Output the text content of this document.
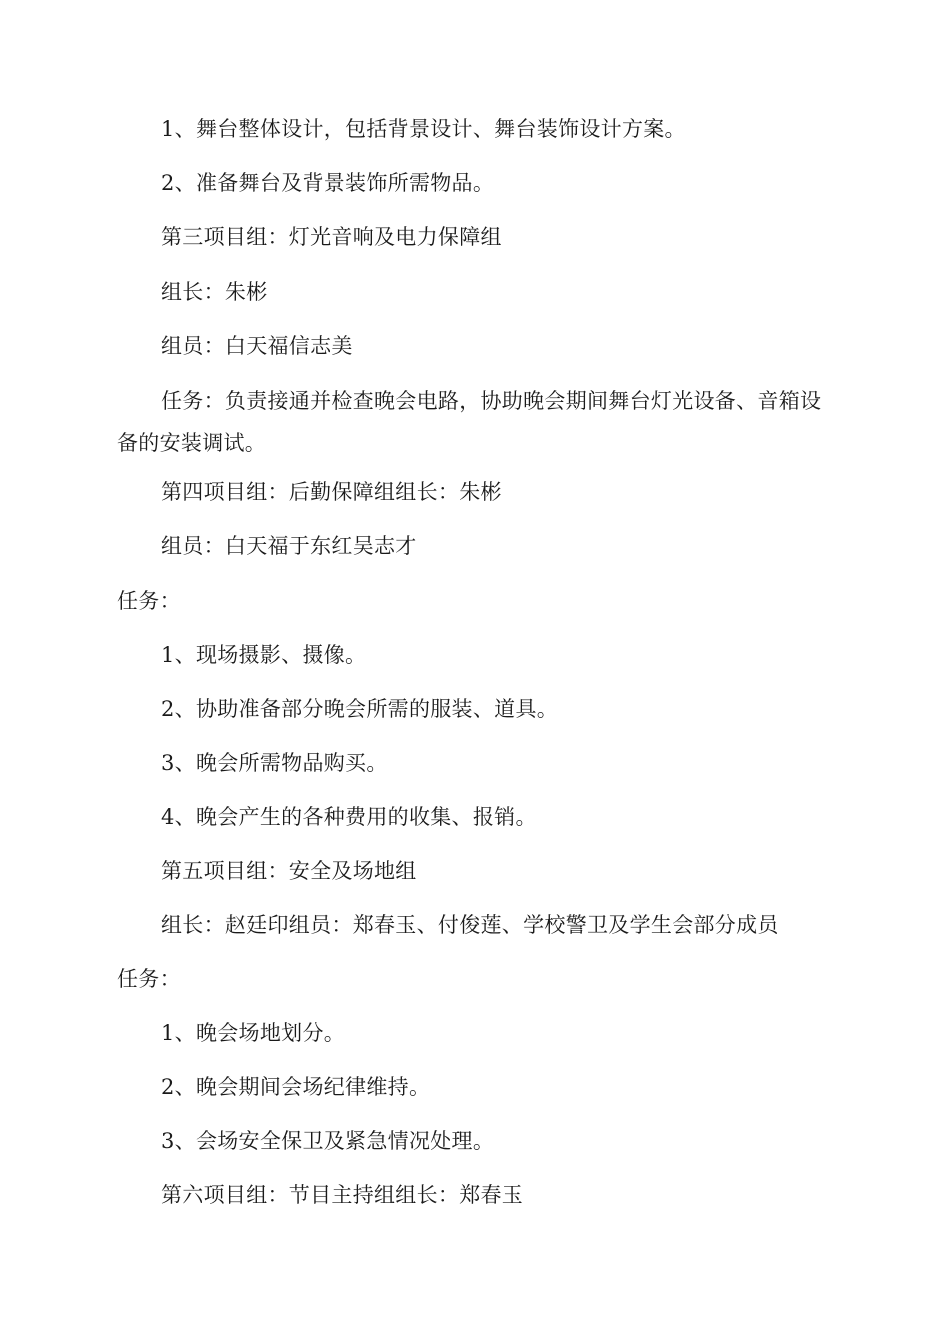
1、舞台整体设计，包括背景设计、舞台装饰设计方案。
2、准备舞台及背景装饰所需物品。
第三项目组：灯光音响及电力保障组
组长：朱彬
组员：白天福信志美
任务：负责接通并检查晚会电路，协助晚会期间舞台灯光设备、音箱设备的安装调试。
第四项目组：后勤保障组组长：朱彬
组员：白天福于东红吴志才
任务：
1、现场摄影、摄像。
2、协助准备部分晚会所需的服装、道具。
3、晚会所需物品购买。
4、晚会产生的各种费用的收集、报销。
第五项目组：安全及场地组
组长：赵廷印组员：郑春玉、付俊莲、学校警卫及学生会部分成员
任务：
1、晚会场地划分。
2、晚会期间会场纪律维持。
3、会场安全保卫及紧急情况处理。
第六项目组：节目主持组组长：郑春玉
